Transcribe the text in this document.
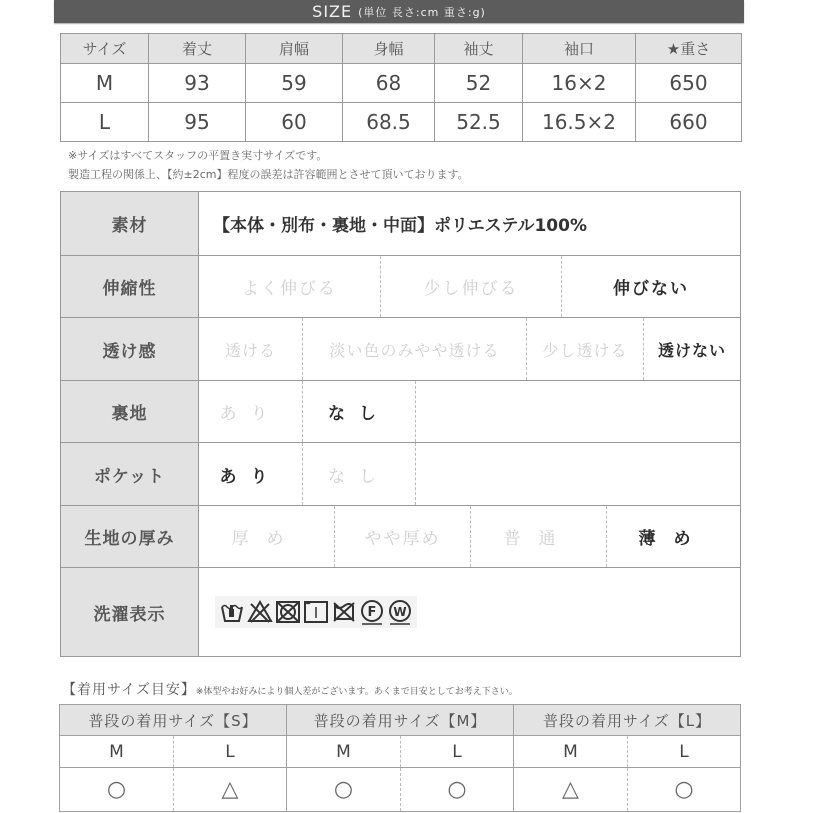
SIZE (単位 長さ:cm 重さ:g)
サイズ	着丈	肩幅	身幅	袖丈	袖口	★重さ
M	93	59	68	52	16×2	650
L	95	60	68.5	52.5	16.5×2	660
※サイズはすべてスタッフの平置き実寸サイズです。
製造工程の関係上、【約±2cm】程度の誤差は許容範囲とさせて頂いております。
素材	【本体・別布・裏地・中面】ポリエステル100%
伸縮性	よく伸びる	少し伸びる	伸びない
透け感	透ける	淡い色のみやや透ける	少し透ける	透けない
裏地	あり	なし
ポケット	あり	なし
生地の厚み	厚め	やや厚め	普通	薄め
洗濯表示	F W
【着用サイズ目安】※体型やお好みにより個人差がございます。あくまで目安としてお考え下さい。
普段の着用サイズ【S】		普段の着用サイズ【M】		普段の着用サイズ【L】	
M	L	M	L	M	L
○	△	○	○	△	○
